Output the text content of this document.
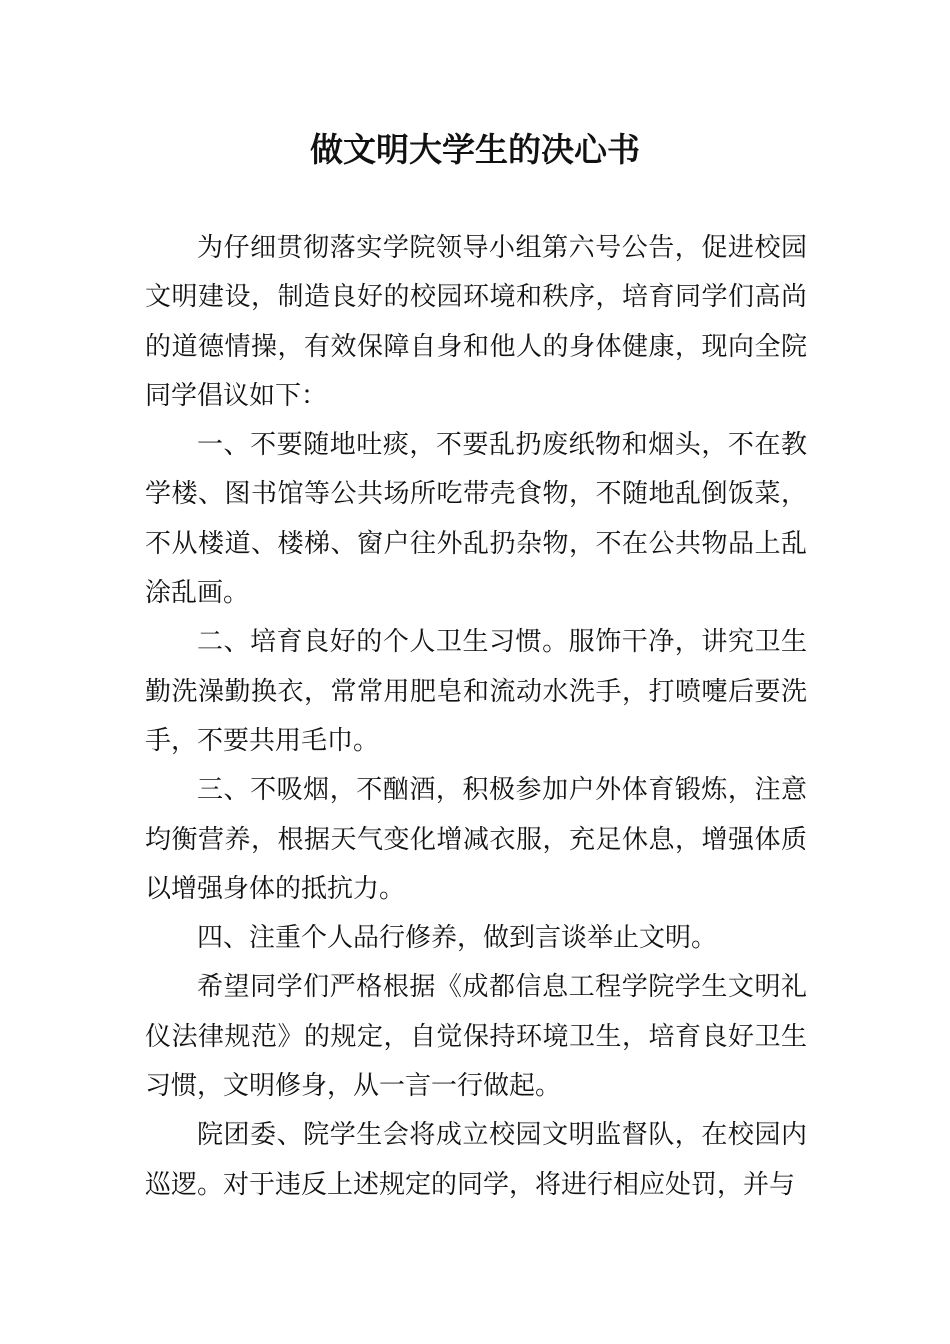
做文明大学生的决心书

为仔细贯彻落实学院领导小组第六号公告，促进校园文明建设，制造良好的校园环境和秩序，培育同学们高尚的道德情操，有效保障自身和他人的身体健康，现向全院同学倡议如下：

一、不要随地吐痰，不要乱扔废纸物和烟头，不在教学楼、图书馆等公共场所吃带壳食物，不随地乱倒饭菜，不从楼道、楼梯、窗户往外乱扔杂物，不在公共物品上乱涂乱画。

二、培育良好的个人卫生习惯。服饰干净，讲究卫生勤洗澡勤换衣，常常用肥皂和流动水洗手，打喷嚏后要洗手，不要共用毛巾。

三、不吸烟，不酗酒，积极参加户外体育锻炼，注意均衡营养，根据天气变化增减衣服，充足休息，增强体质以增强身体的抵抗力。

四、注重个人品行修养，做到言谈举止文明。

希望同学们严格根据《成都信息工程学院学生文明礼仪法律规范》的规定，自觉保持环境卫生，培育良好卫生习惯，文明修身，从一言一行做起。

院团委、院学生会将成立校园文明监督队，在校园内巡逻。对于违反上述规定的同学，将进行相应处罚，并与
